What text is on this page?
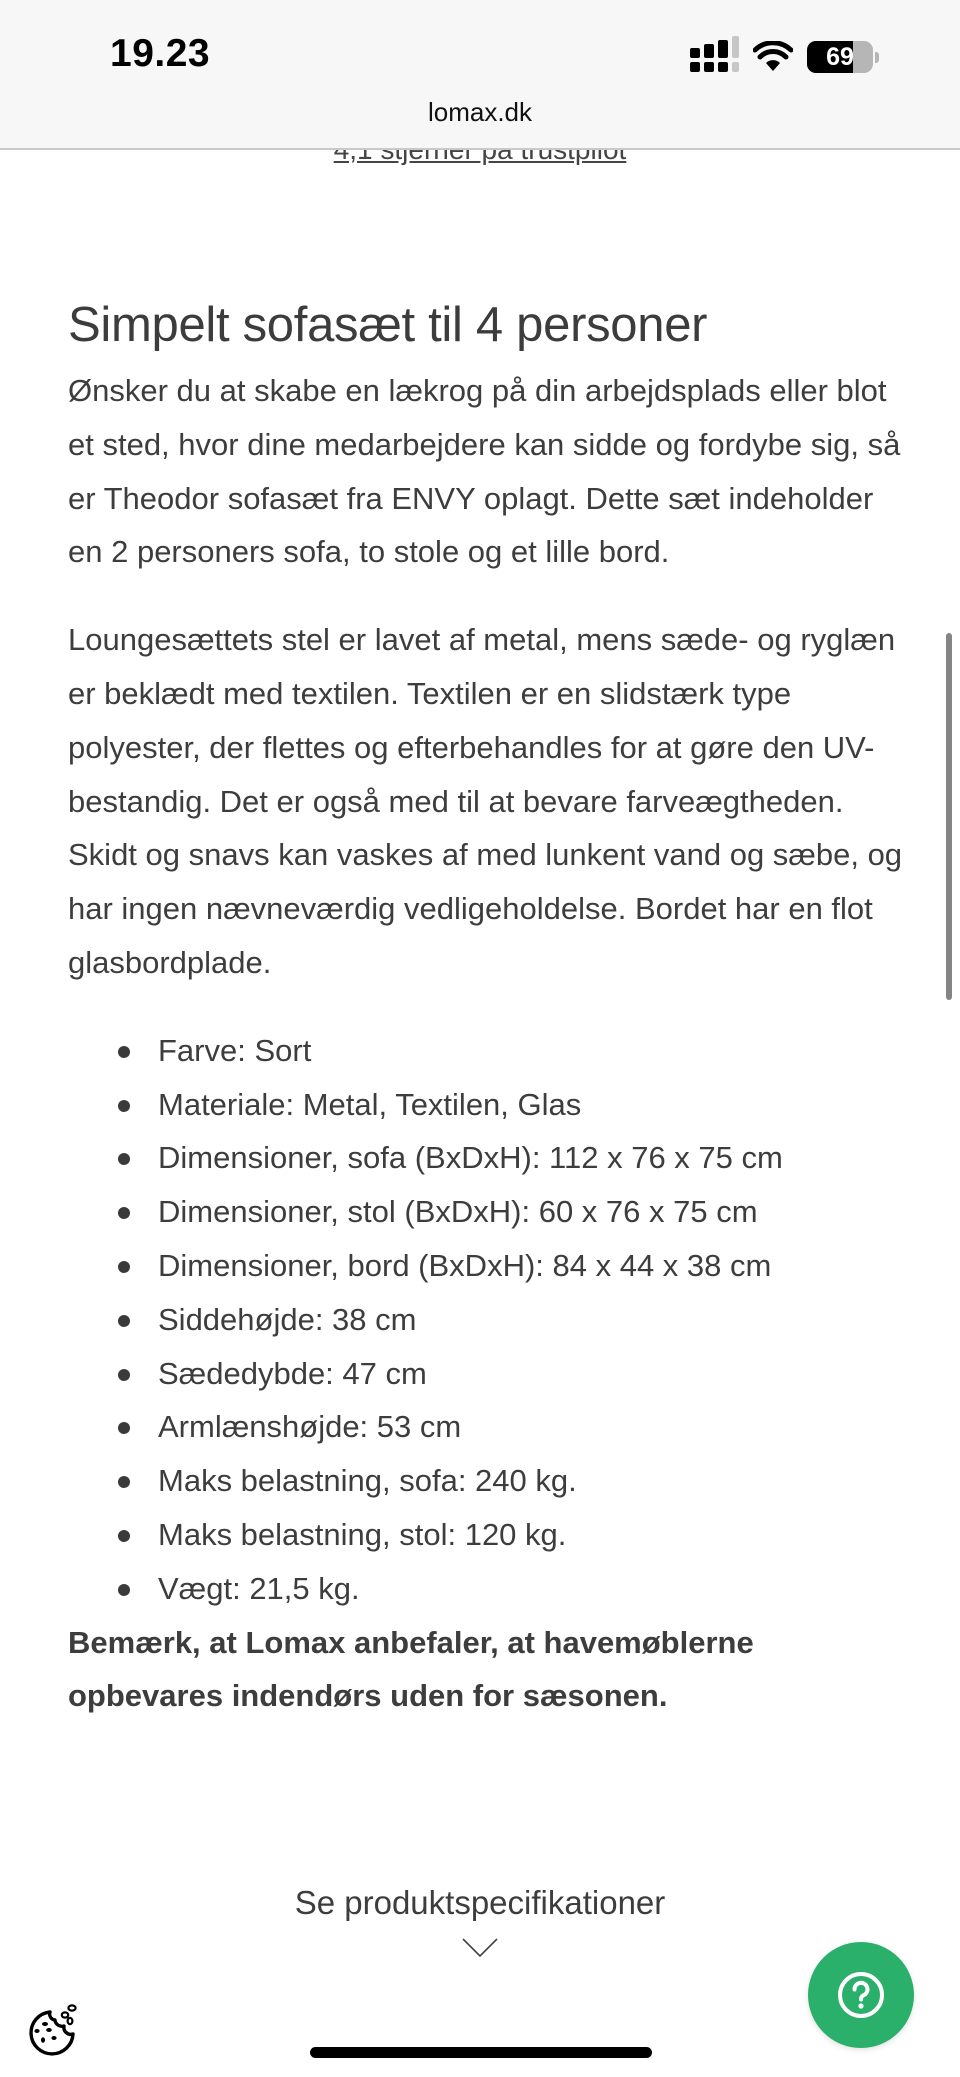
19.23	69
lomax.dk
Simpelt sofasæt til 4 personer

Ønsker du at skabe en lækrog på din arbejdsplads eller blot et sted, hvor dine medarbejdere kan sidde og fordybe sig, så er Theodor sofasæt fra ENVY oplagt. Dette sæt indeholder en 2 personers sofa, to stole og et lille bord.

Loungesættets stel er lavet af metal, mens sæde- og ryglæn er beklædt med textilen. Textilen er en slidstærk type polyester, der flettes og efterbehandles for at gøre den UV-bestandig. Det er også med til at bevare farveægtheden. Skidt og snavs kan vaskes af med lunkent vand og sæbe, og har ingen nævneværdig vedligeholdelse. Bordet har en flot glasbordplade.

Farve: Sort
Materiale: Metal, Textilen, Glas
Dimensioner, sofa (BxDxH): 112 x 76 x 75 cm
Dimensioner, stol (BxDxH): 60 x 76 x 75 cm
Dimensioner, bord (BxDxH): 84 x 44 x 38 cm
Siddehøjde: 38 cm
Sædedybde: 47 cm
Armlænshøjde: 53 cm
Maks belastning, sofa: 240 kg.
Maks belastning, stol: 120 kg.
Vægt: 21,5 kg.

Bemærk, at Lomax anbefaler, at havemøblerne opbevares indendørs uden for sæsonen.

Se produktspecifikationer
